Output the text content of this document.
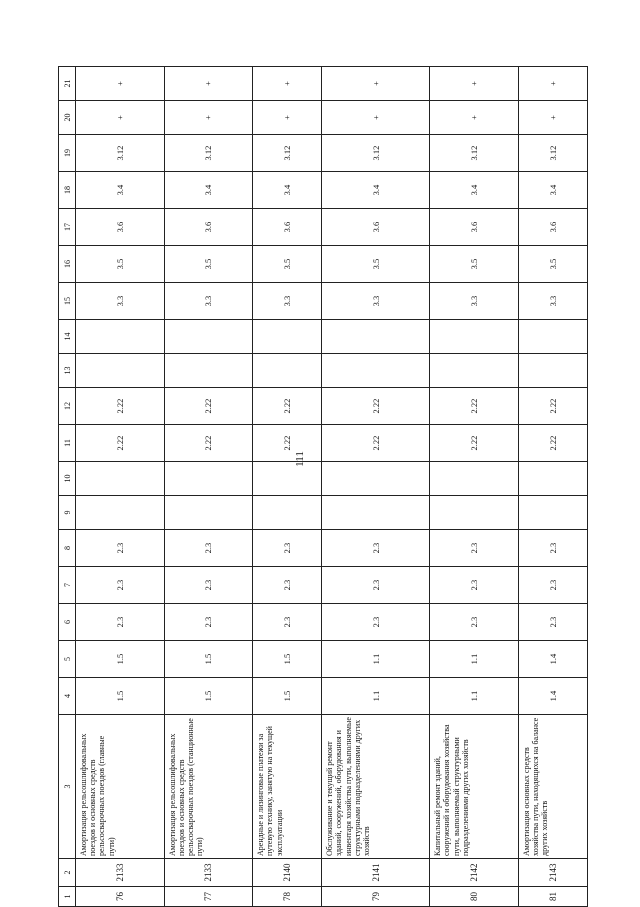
111
1	2	3	4	5	6	7	8	9	10	11	12	13	14	15	16	17	18	19	20	21
76	2133	Амортизация рельсошлифовальных поездов и основных средств рельсосварочных поездов (главные пути)	1.5	1.5	2.3	2.3	2.3			2.22	2.22			3.3	3.5	3.6	3.4	3.12	+	+
77	2133	Амортизация рельсошлифовальных поездов и основных средств рельсосварочных поездов (станционные пути)	1.5	1.5	2.3	2.3	2.3			2.22	2.22			3.3	3.5	3.6	3.4	3.12	+	+
78	2140	Арендные и лизинговые платежи за путевую технику, занятую на текущей эксплуатации	1.5	1.5	2.3	2.3	2.3			2.22	2.22			3.3	3.5	3.6	3.4	3.12	+	+
79	2141	Обслуживание и текущий ремонт зданий, сооружений, оборудования и инвентаря хозяйства пути, выполняемые структурными подразделениями других хозяйств	1.1	1.1	2.3	2.3	2.3			2.22	2.22			3.3	3.5	3.6	3.4	3.12	+	+
80	2142	Капитальный ремонт зданий, сооружений и оборудования хозяйства пути, выполняемый структурными подразделениями других хозяйств	1.1	1.1	2.3	2.3	2.3			2.22	2.22			3.3	3.5	3.6	3.4	3.12	+	+
81	2143	Амортизация основных средств хозяйства пути, находящихся на балансе других хозяйств	1.4	1.4	2.3	2.3	2.3			2.22	2.22			3.3	3.5	3.6	3.4	3.12	+	+
